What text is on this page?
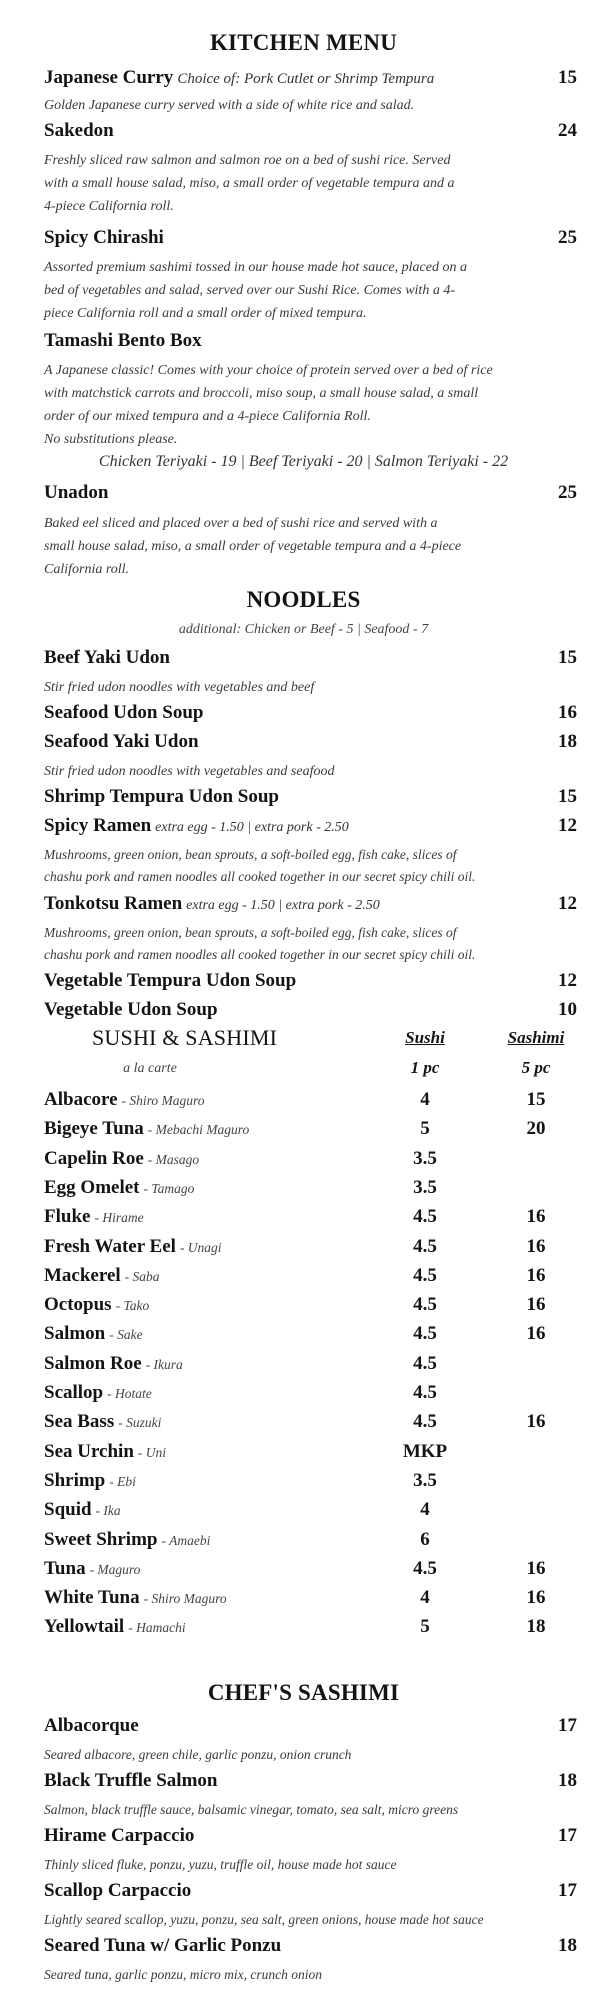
KITCHEN MENU
Japanese Curry Choice of: Pork Cutlet or Shrimp Tempura	15
Golden Japanese curry served with a side of white rice and salad.
Sakedon	24
Freshly sliced raw salmon and salmon roe on a bed of sushi rice. Served
with a small house salad, miso, a small order of vegetable tempura and a
4-piece California roll.
Spicy Chirashi	25
Assorted premium sashimi tossed in our house made hot sauce, placed on a
bed of vegetables and salad, served over our Sushi Rice. Comes with a 4-
piece California roll and a small order of mixed tempura.
Tamashi Bento Box
A Japanese classic! Comes with your choice of protein served over a bed of rice
with matchstick carrots and broccoli, miso soup, a small house salad, a small
order of our mixed tempura and a 4-piece California Roll.
No substitutions please.
Chicken Teriyaki - 19 | Beef Teriyaki - 20 | Salmon Teriyaki - 22
Unadon	25
Baked eel sliced and placed over a bed of sushi rice and served with a
small house salad, miso, a small order of vegetable tempura and a 4-piece
California roll.
NOODLES
additional: Chicken or Beef - 5 | Seafood - 7
Beef Yaki Udon	15
Stir fried udon noodles with vegetables and beef
Seafood Udon Soup	16
Seafood Yaki Udon	18
Stir fried udon noodles with vegetables and seafood
Shrimp Tempura Udon Soup	15
Spicy Ramen extra egg - 1.50 | extra pork - 2.50	12
Mushrooms, green onion, bean sprouts, a soft-boiled egg, fish cake, slices of
chashu pork and ramen noodles all cooked together in our secret spicy chili oil.
Tonkotsu Ramen extra egg - 1.50 | extra pork - 2.50	12
Mushrooms, green onion, bean sprouts, a soft-boiled egg, fish cake, slices of
chashu pork and ramen noodles all cooked together in our secret spicy chili oil.
Vegetable Tempura Udon Soup	12
Vegetable Udon Soup	10
SUSHI & SASHIMI	Sushi	Sashimi
a la carte	1 pc	5 pc
Albacore - Shiro Maguro	4	15
Bigeye Tuna - Mebachi Maguro	5	20
Capelin Roe - Masago	3.5
Egg Omelet - Tamago	3.5
Fluke - Hirame	4.5	16
Fresh Water Eel - Unagi	4.5	16
Mackerel - Saba	4.5	16
Octopus - Tako	4.5	16
Salmon - Sake	4.5	16
Salmon Roe - Ikura	4.5
Scallop - Hotate	4.5
Sea Bass - Suzuki	4.5	16
Sea Urchin - Uni	MKP
Shrimp - Ebi	3.5
Squid - Ika	4
Sweet Shrimp - Amaebi	6
Tuna - Maguro	4.5	16
White Tuna - Shiro Maguro	4	16
Yellowtail - Hamachi	5	18
CHEF'S SASHIMI
Albacorque	17
Seared albacore, green chile, garlic ponzu, onion crunch
Black Truffle Salmon	18
Salmon, black truffle sauce, balsamic vinegar, tomato, sea salt, micro greens
Hirame Carpaccio	17
Thinly sliced fluke, ponzu, yuzu, truffle oil, house made hot sauce
Scallop Carpaccio	17
Lightly seared scallop, yuzu, ponzu, sea salt, green onions, house made hot sauce
Seared Tuna w/ Garlic Ponzu	18
Seared tuna, garlic ponzu, micro mix, crunch onion
